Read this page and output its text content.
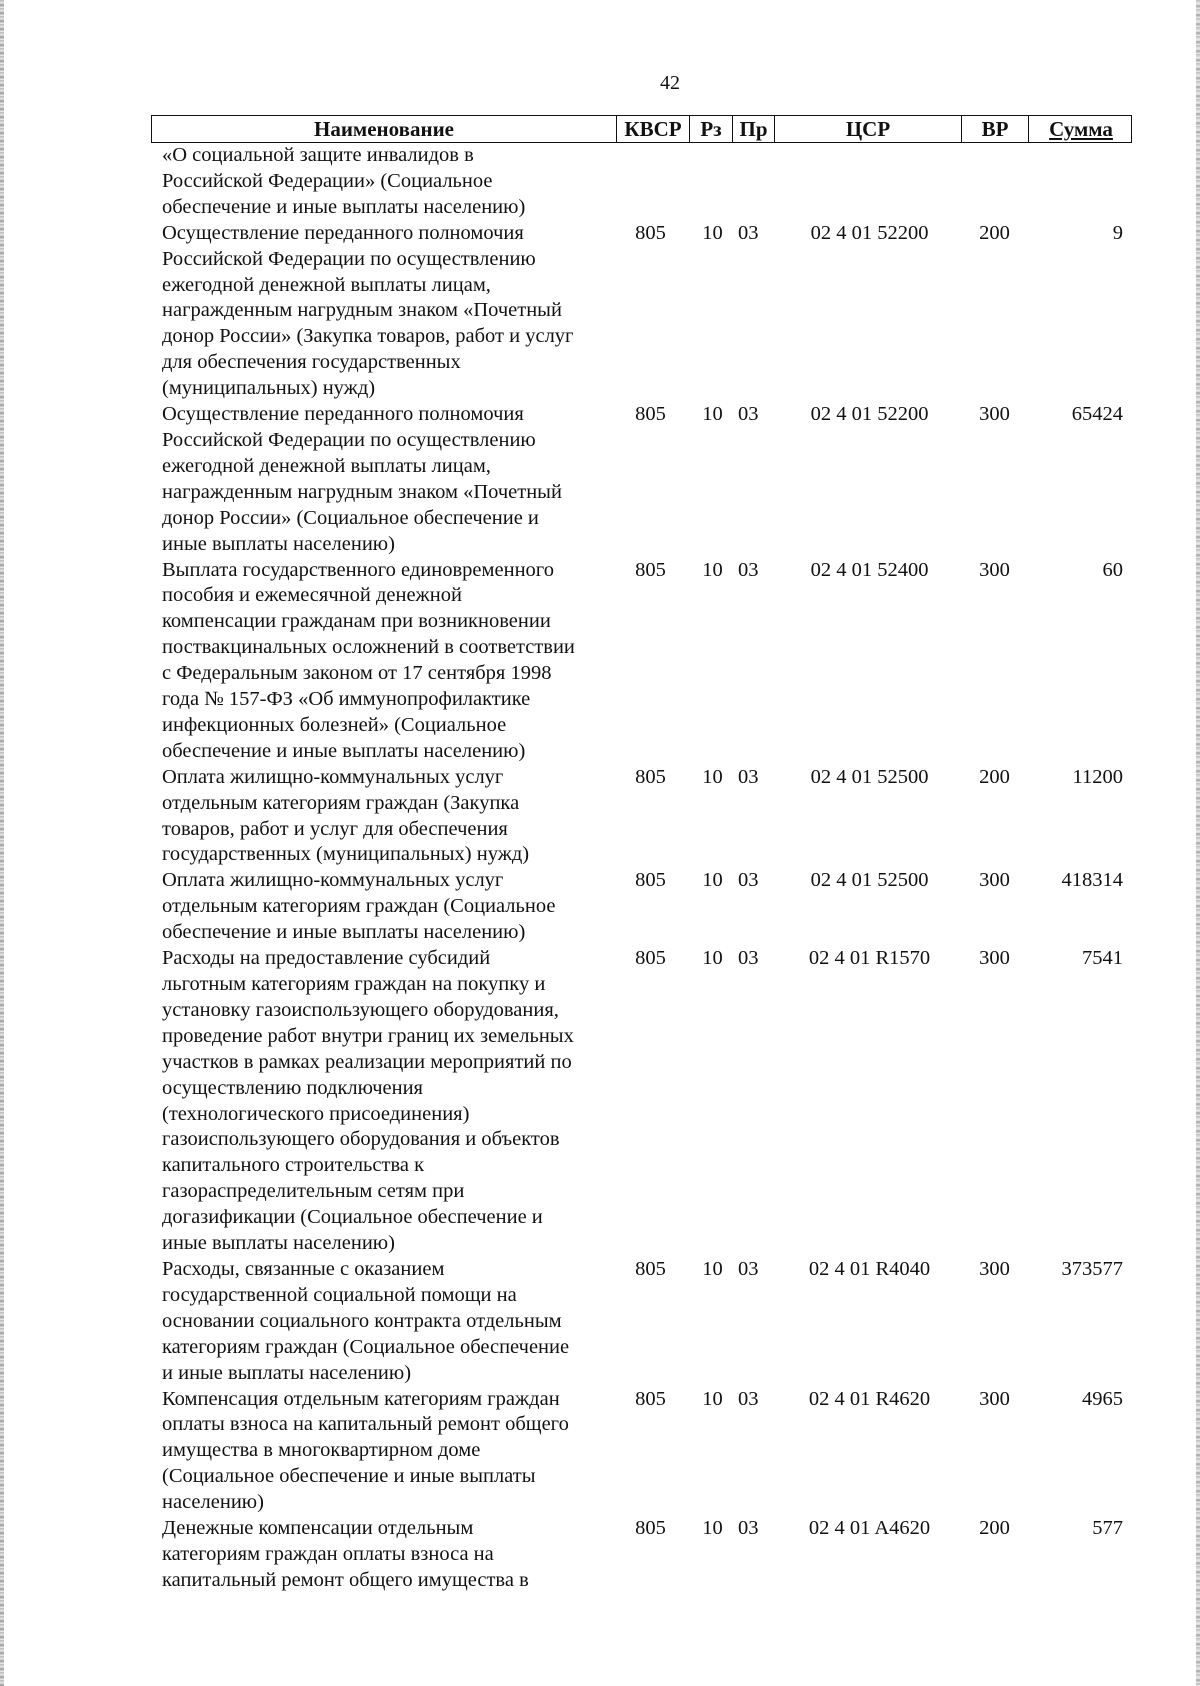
42
Наименование	КВСР Рз Пр	ЦСР	ВР	Сумма
«О социальной защите инвалидов в
Российской Федерации» (Социальное
обеспечение и иные выплаты населению)
Осуществление переданного полномочия
Российской Федерации по осуществлению
ежегодной денежной выплаты лицам,
награжденным нагрудным знаком «Почетный
донор России» (Закупка товаров, работ и услуг
для обеспечения государственных
(муниципальных) нужд)
805	10 03	02 4 01 52200	200	9
Осуществление переданного полномочия
Российской Федерации по осуществлению
ежегодной денежной выплаты лицам,
награжденным нагрудным знаком «Почетный
донор России» (Социальное обеспечение и
иные выплаты населению)
805	10 03	02 4 01 52200	300	65424
Выплата государственного единовременного
пособия и ежемесячной денежной
компенсации гражданам при возникновении
поствакцинальных осложнений в соответствии
с Федеральным законом от 17 сентября 1998
года № 157-ФЗ «Об иммунопрофилактике
инфекционных болезней» (Социальное
обеспечение и иные выплаты населению)
805	10 03	02 4 01 52400	300	60
Оплата жилищно-коммунальных услуг
отдельным категориям граждан (Закупка
товаров, работ и услуг для обеспечения
государственных (муниципальных) нужд)
805	10 03	02 4 01 52500	200	11200
Оплата жилищно-коммунальных услуг
отдельным категориям граждан (Социальное
обеспечение и иные выплаты населению)
805	10 03	02 4 01 52500	300	418314
Расходы на предоставление субсидий
льготным категориям граждан на покупку и
установку газоиспользующего оборудования,
проведение работ внутри границ их земельных
участков в рамках реализации мероприятий по
осуществлению подключения
(технологического присоединения)
газоиспользующего оборудования и объектов
капитального строительства к
газораспределительным сетям при
догазификации (Социальное обеспечение и
иные выплаты населению)
805	10 03	02 4 01 R1570	300	7541
Расходы, связанные с оказанием
государственной социальной помощи на
основании социального контракта отдельным
категориям граждан (Социальное обеспечение
и иные выплаты населению)
805	10 03	02 4 01 R4040	300	373577
Компенсация отдельным категориям граждан
оплаты взноса на капитальный ремонт общего
имущества в многоквартирном доме
(Социальное обеспечение и иные выплаты
населению)
805	10 03	02 4 01 R4620	300	4965
Денежные компенсации отдельным
категориям граждан оплаты взноса на
капитальный ремонт общего имущества в
805	10 03	02 4 01 A4620	200	577
